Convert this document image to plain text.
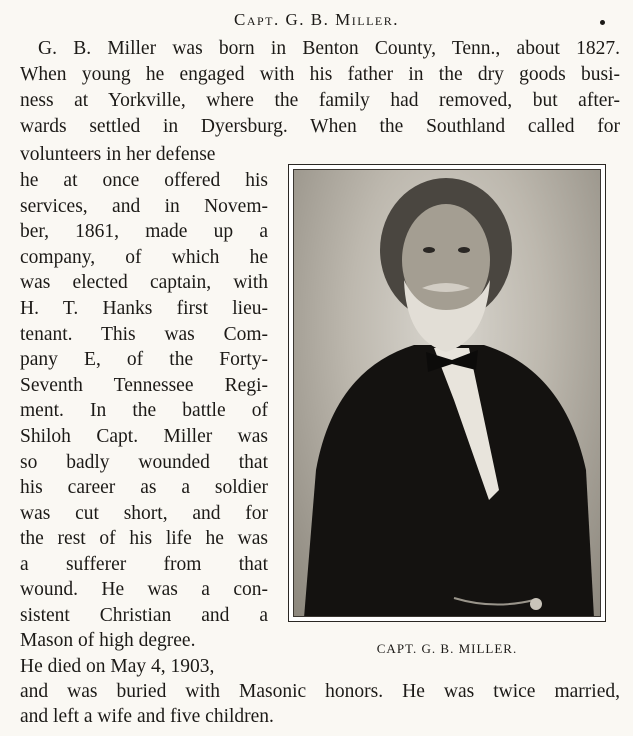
Capt. G. B. Miller.
G. B. Miller was born in Benton County, Tenn., about 1827.
When young he engaged with his father in the dry goods busi-
ness at Yorkville, where the family had removed, but after-
wards settled in Dyersburg. When the Southland called for
volunteers in her defense
he at once offered his
services, and in Novem-
ber, 1861, made up a
company, of which he
was elected captain, with
H. T. Hanks first lieu-
tenant. This was Com-
pany E, of the Forty-
Seventh Tennessee Regi-
ment. In the battle of
Shiloh Capt. Miller was
so badly wounded that
his career as a soldier
was cut short, and for
the rest of his life he was
a sufferer from that
wound. He was a con-
sistent Christian and a
Mason of high degree.
He died on May 4, 1903,
and was buried with Masonic honors. He was twice married,
and left a wife and five children.
CAPT. G. B. MILLER.
